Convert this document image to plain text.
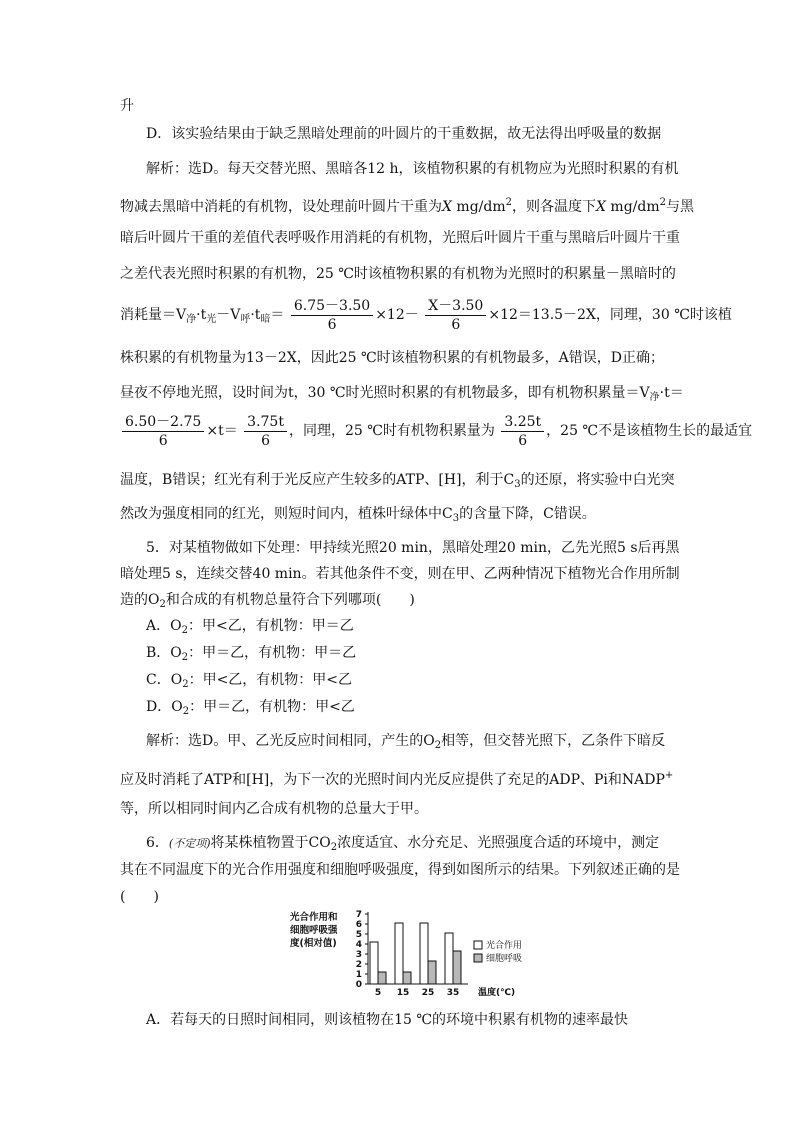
升
D．该实验结果由于缺乏黑暗处理前的叶圆片的干重数据，故无法得出呼吸量的数据
解析：选D。每天交替光照、黑暗各12 h，该植物积累的有机物应为光照时积累的有机
物减去黑暗中消耗的有机物，设处理前叶圆片干重为X $mg/dm^2$，则各温度下X $mg/dm^2$与黑
暗后叶圆片干重的差值代表呼吸作用消耗的有机物，光照后叶圆片干重与黑暗后叶圆片干重
之差代表光照时积累的有机物，25 ℃时该植物积累的有机物为光照时的积累量－黑暗时的
消耗量$=V_净\cdot t_光-V_呼\cdot t_暗= \frac{6.75-3.50}{6} \times 12- \frac{X-3.50}{6} \times 12=13.5-2X$，同理，30 ℃时该植
株积累的有机物量为13－2X，因此25 ℃时该植物积累的有机物最多，A错误，D正确；
昼夜不停地光照，设时间为t，30 ℃时光照时积累的有机物最多，即有机物积累量$=V_净\cdot t=$
$\frac{6.50-2.75}{6} \times t= \frac{3.75t}{6}$ ，同理，25 ℃时有机物积累量为 $\frac{3.25t}{6}$ ，25 ℃不是该植物生长的最适宜
温度，B错误；红光有利于光反应产生较多的ATP、[H]，利于$C_3$的还原，将实验中白光突
然改为强度相同的红光，则短时间内，植株叶绿体中$C_3$的含量下降，C错误。
5．对某植物做如下处理：甲持续光照20 min，黑暗处理20 min，乙先光照5 s后再黑
暗处理5 s，连续交替40 min。若其他条件不变，则在甲、乙两种情况下植物光合作用所制
造的$O_2$和合成的有机物总量符合下列哪项(　　)
A．$O_2$：甲<乙，有机物：甲＝乙
B．$O_2$：甲＝乙，有机物：甲＝乙
C．$O_2$：甲<乙，有机物：甲<乙
D．$O_2$：甲＝乙，有机物：甲<乙
解析：选D。甲、乙光反应时间相同，产生的$O_2$相等，但交替光照下，乙条件下暗反
应及时消耗了ATP和[H]，为下一次的光照时间内光反应提供了充足的ADP、Pi和NADP+
等，所以相同时间内乙合成有机物的总量大于甲。
6．(不定项)将某株植物置于$CO_2$浓度适宜、水分充足、光照强度合适的环境中，测定
其在不同温度下的光合作用强度和细胞呼吸强度，得到如图所示的结果。下列叙述正确的是
(　　)
光合作用和
细胞呼吸强
度(相对值)
0
1
2
3
4
5
6
7
5 15 25 35 温度(℃)
光合作用
细胞呼吸
A．若每天的日照时间相同，则该植物在15 ℃的环境中积累有机物的速率最快
